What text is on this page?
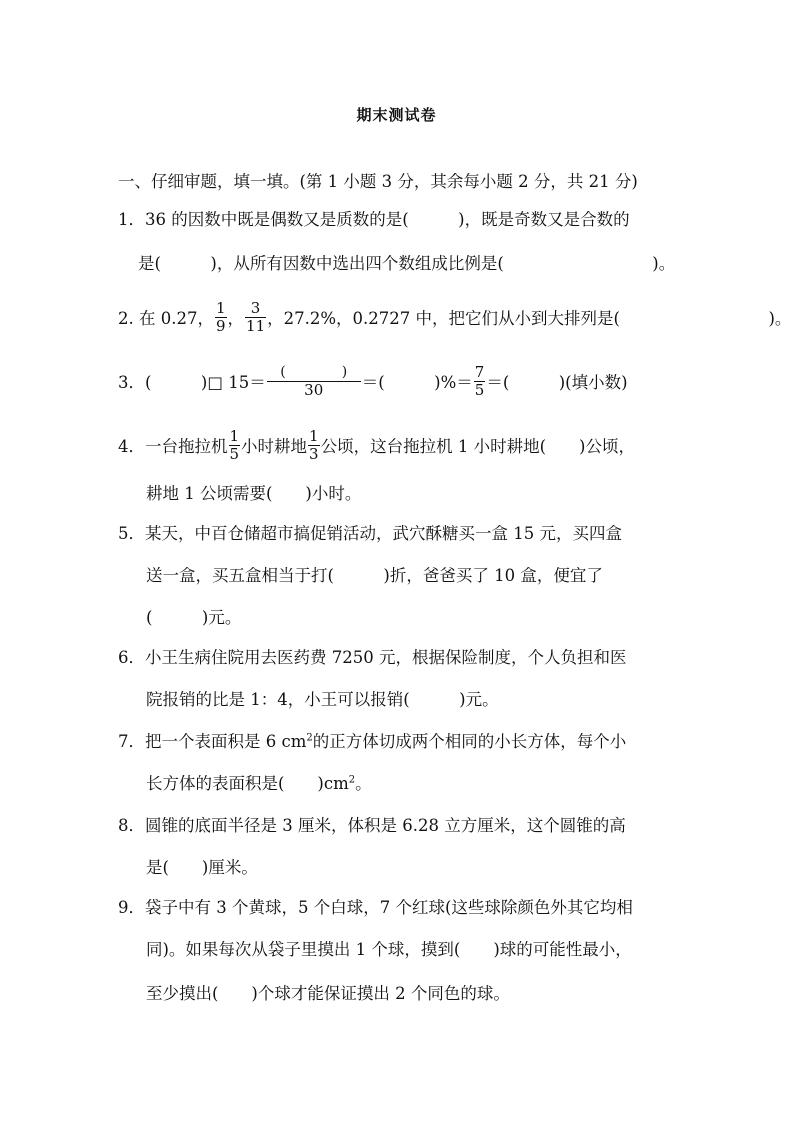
期末测试卷
一、仔细审题，填一填。(第 1 小题 3 分，其余每小题 2 分，共 21 分)
1．36 的因数中既是偶数又是质数的是(　　　)，既是奇数又是合数的
是(　　　)，从所有因数中选出四个数组成比例是(　　　　　　　　　)。
2. 在 0.27， $\frac{1}{9}$ ， $\frac{3}{11}$ ，27.2%，0.2727 中，把它们从小到大排列是(　　　　　　　　　)。
3．(　　　)□ $15= \frac{( )}{30}$ ＝(　　　)%＝ $\frac{7}{5}$ ＝(　　　)(填小数)
4．一台拖拉机 $\frac{1}{5}$ 小时耕地 $\frac{1}{3}$ 公顷，这台拖拉机 1 小时耕地(　　)公顷，
耕地 1 公顷需要(　　)小时。
5．某天，中百仓储超市搞促销活动，武穴酥糖买一盒 15 元，买四盒
送一盒，买五盒相当于打(　　　)折，爸爸买了 10 盒，便宜了
(　　　)元。
6．小王生病住院用去医药费 7250 元，根据保险制度，个人负担和医
院报销的比是 1：4，小王可以报销(　　　)元。
7．把一个表面积是 6 $cm^2$的正方体切成两个相同的小长方体，每个小
长方体的表面积是(　　)$cm^2$。
8．圆锥的底面半径是 3 厘米，体积是 6.28 立方厘米，这个圆锥的高
是(　　)厘米。
9．袋子中有 3 个黄球，5 个白球，7 个红球(这些球除颜色外其它均相
同)。如果每次从袋子里摸出 1 个球，摸到(　　)球的可能性最小，
至少摸出(　　)个球才能保证摸出 2 个同色的球。
